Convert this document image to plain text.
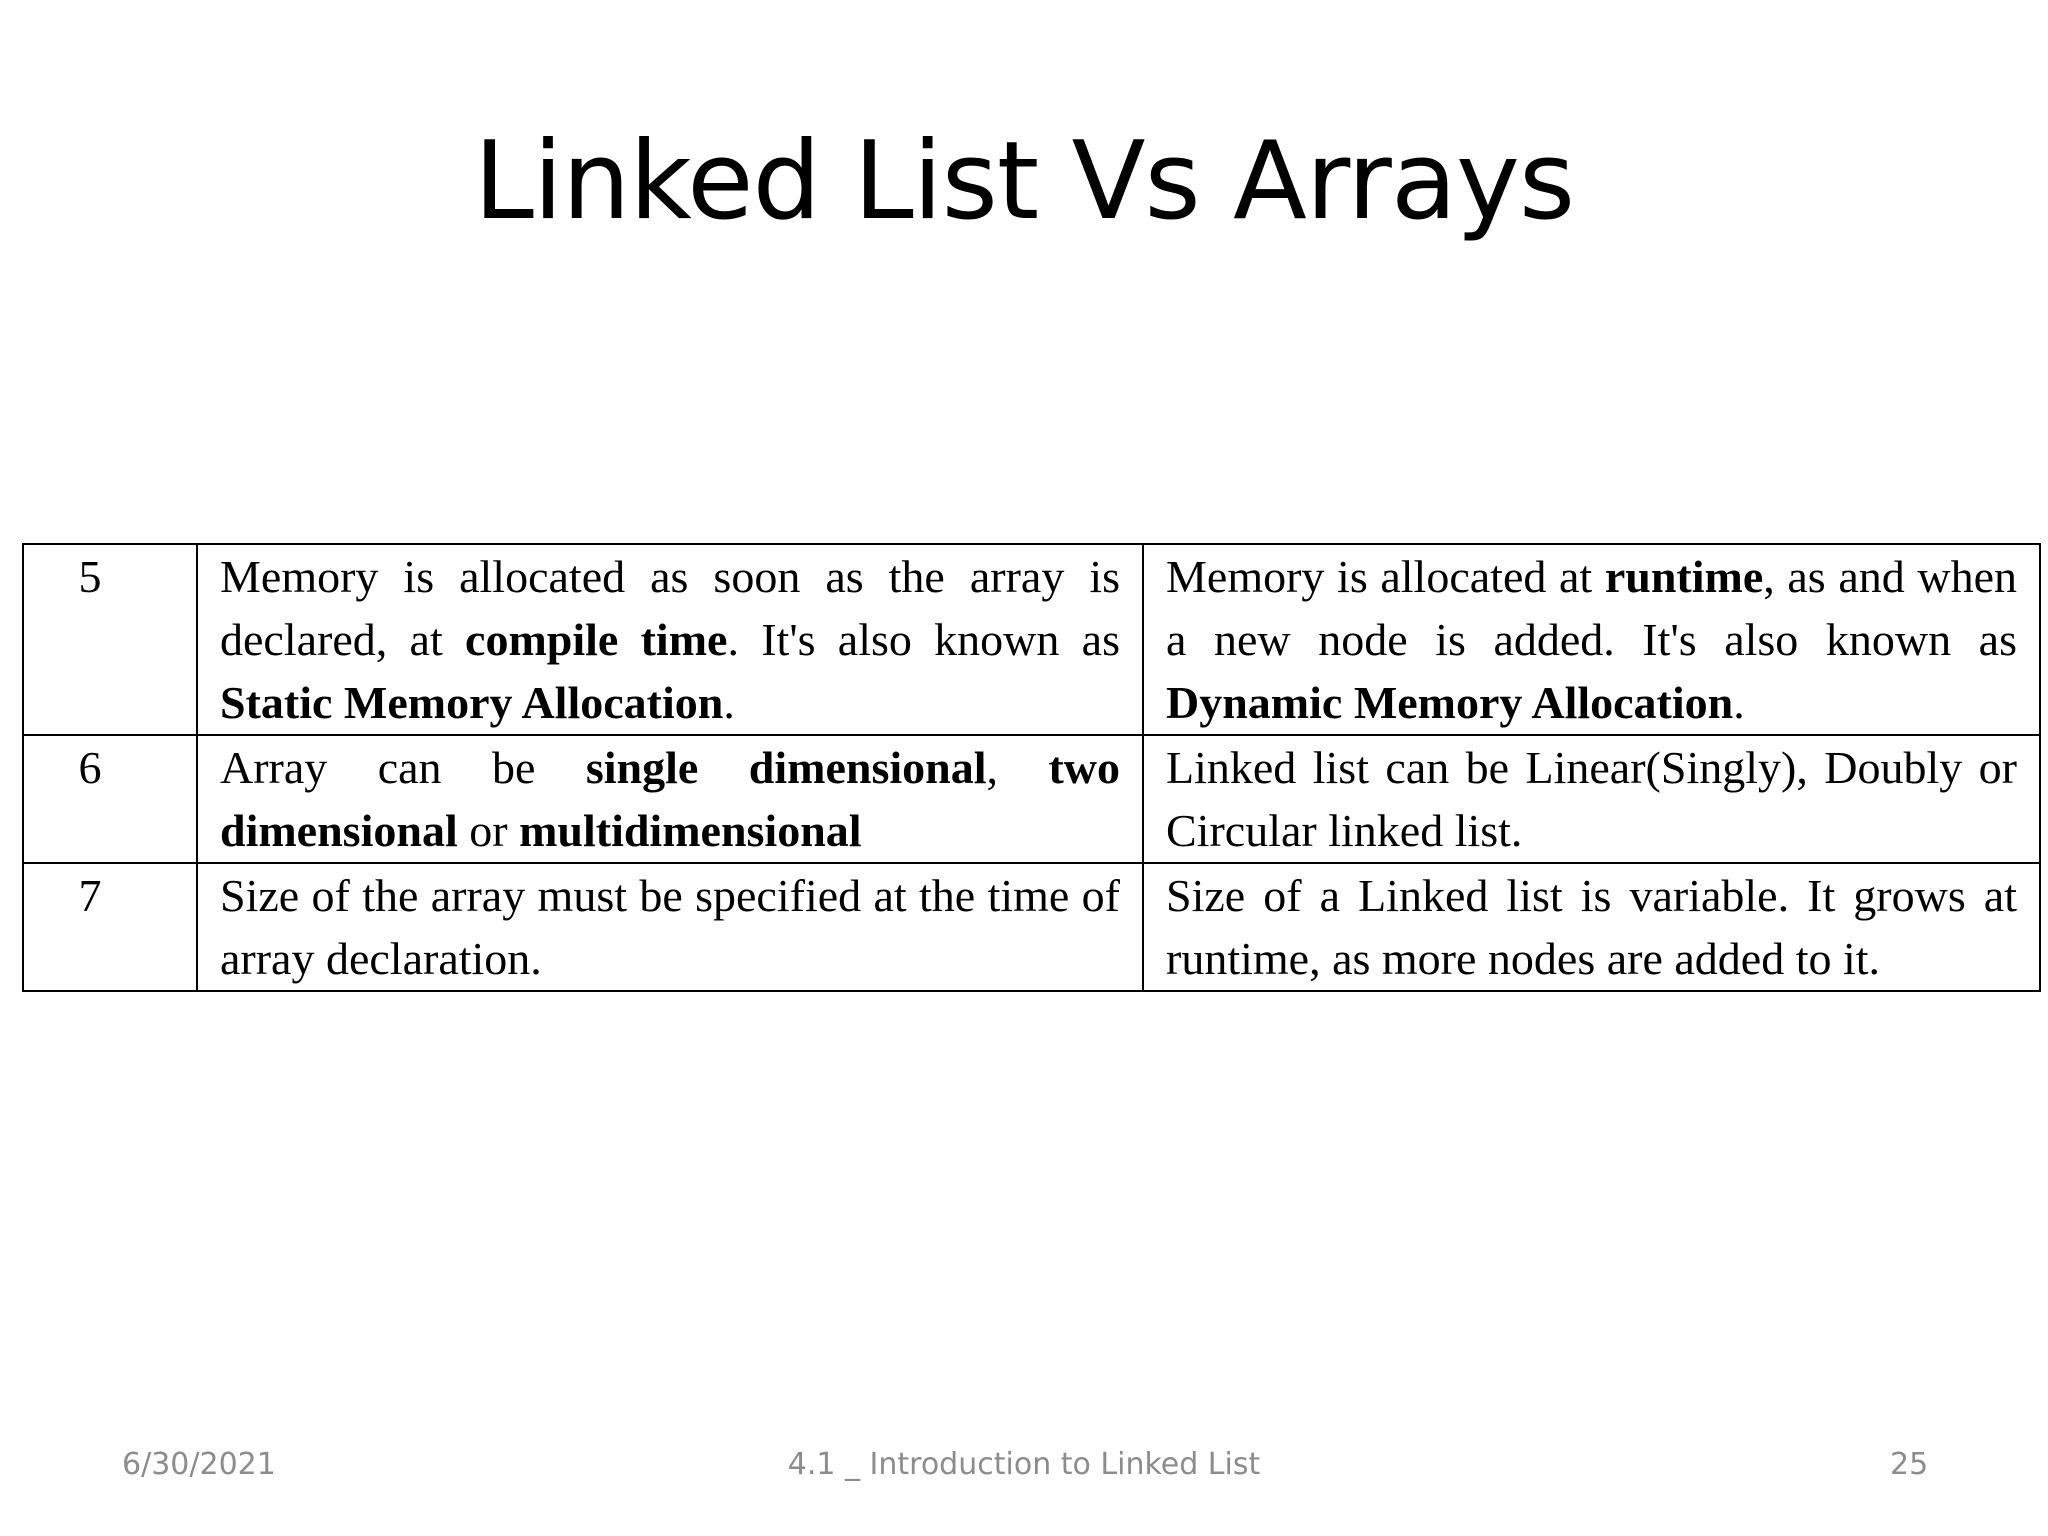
Linked List Vs Arrays
5	Memory is allocated as soon as the array is declared, at compile time. It's also known as Static Memory Allocation.	Memory is allocated at runtime, as and when a new node is added. It's also known as Dynamic Memory Allocation.

6	Array can be single dimensional, two dimensional or multidimensional	Linked list can be Linear(Singly), Doubly or Circular linked list.

7	Size of the array must be specified at the time of array declaration.	Size of a Linked list is variable. It grows at runtime, as more nodes are added to it.
6/30/2021	4.1 _ Introduction to Linked List	25
